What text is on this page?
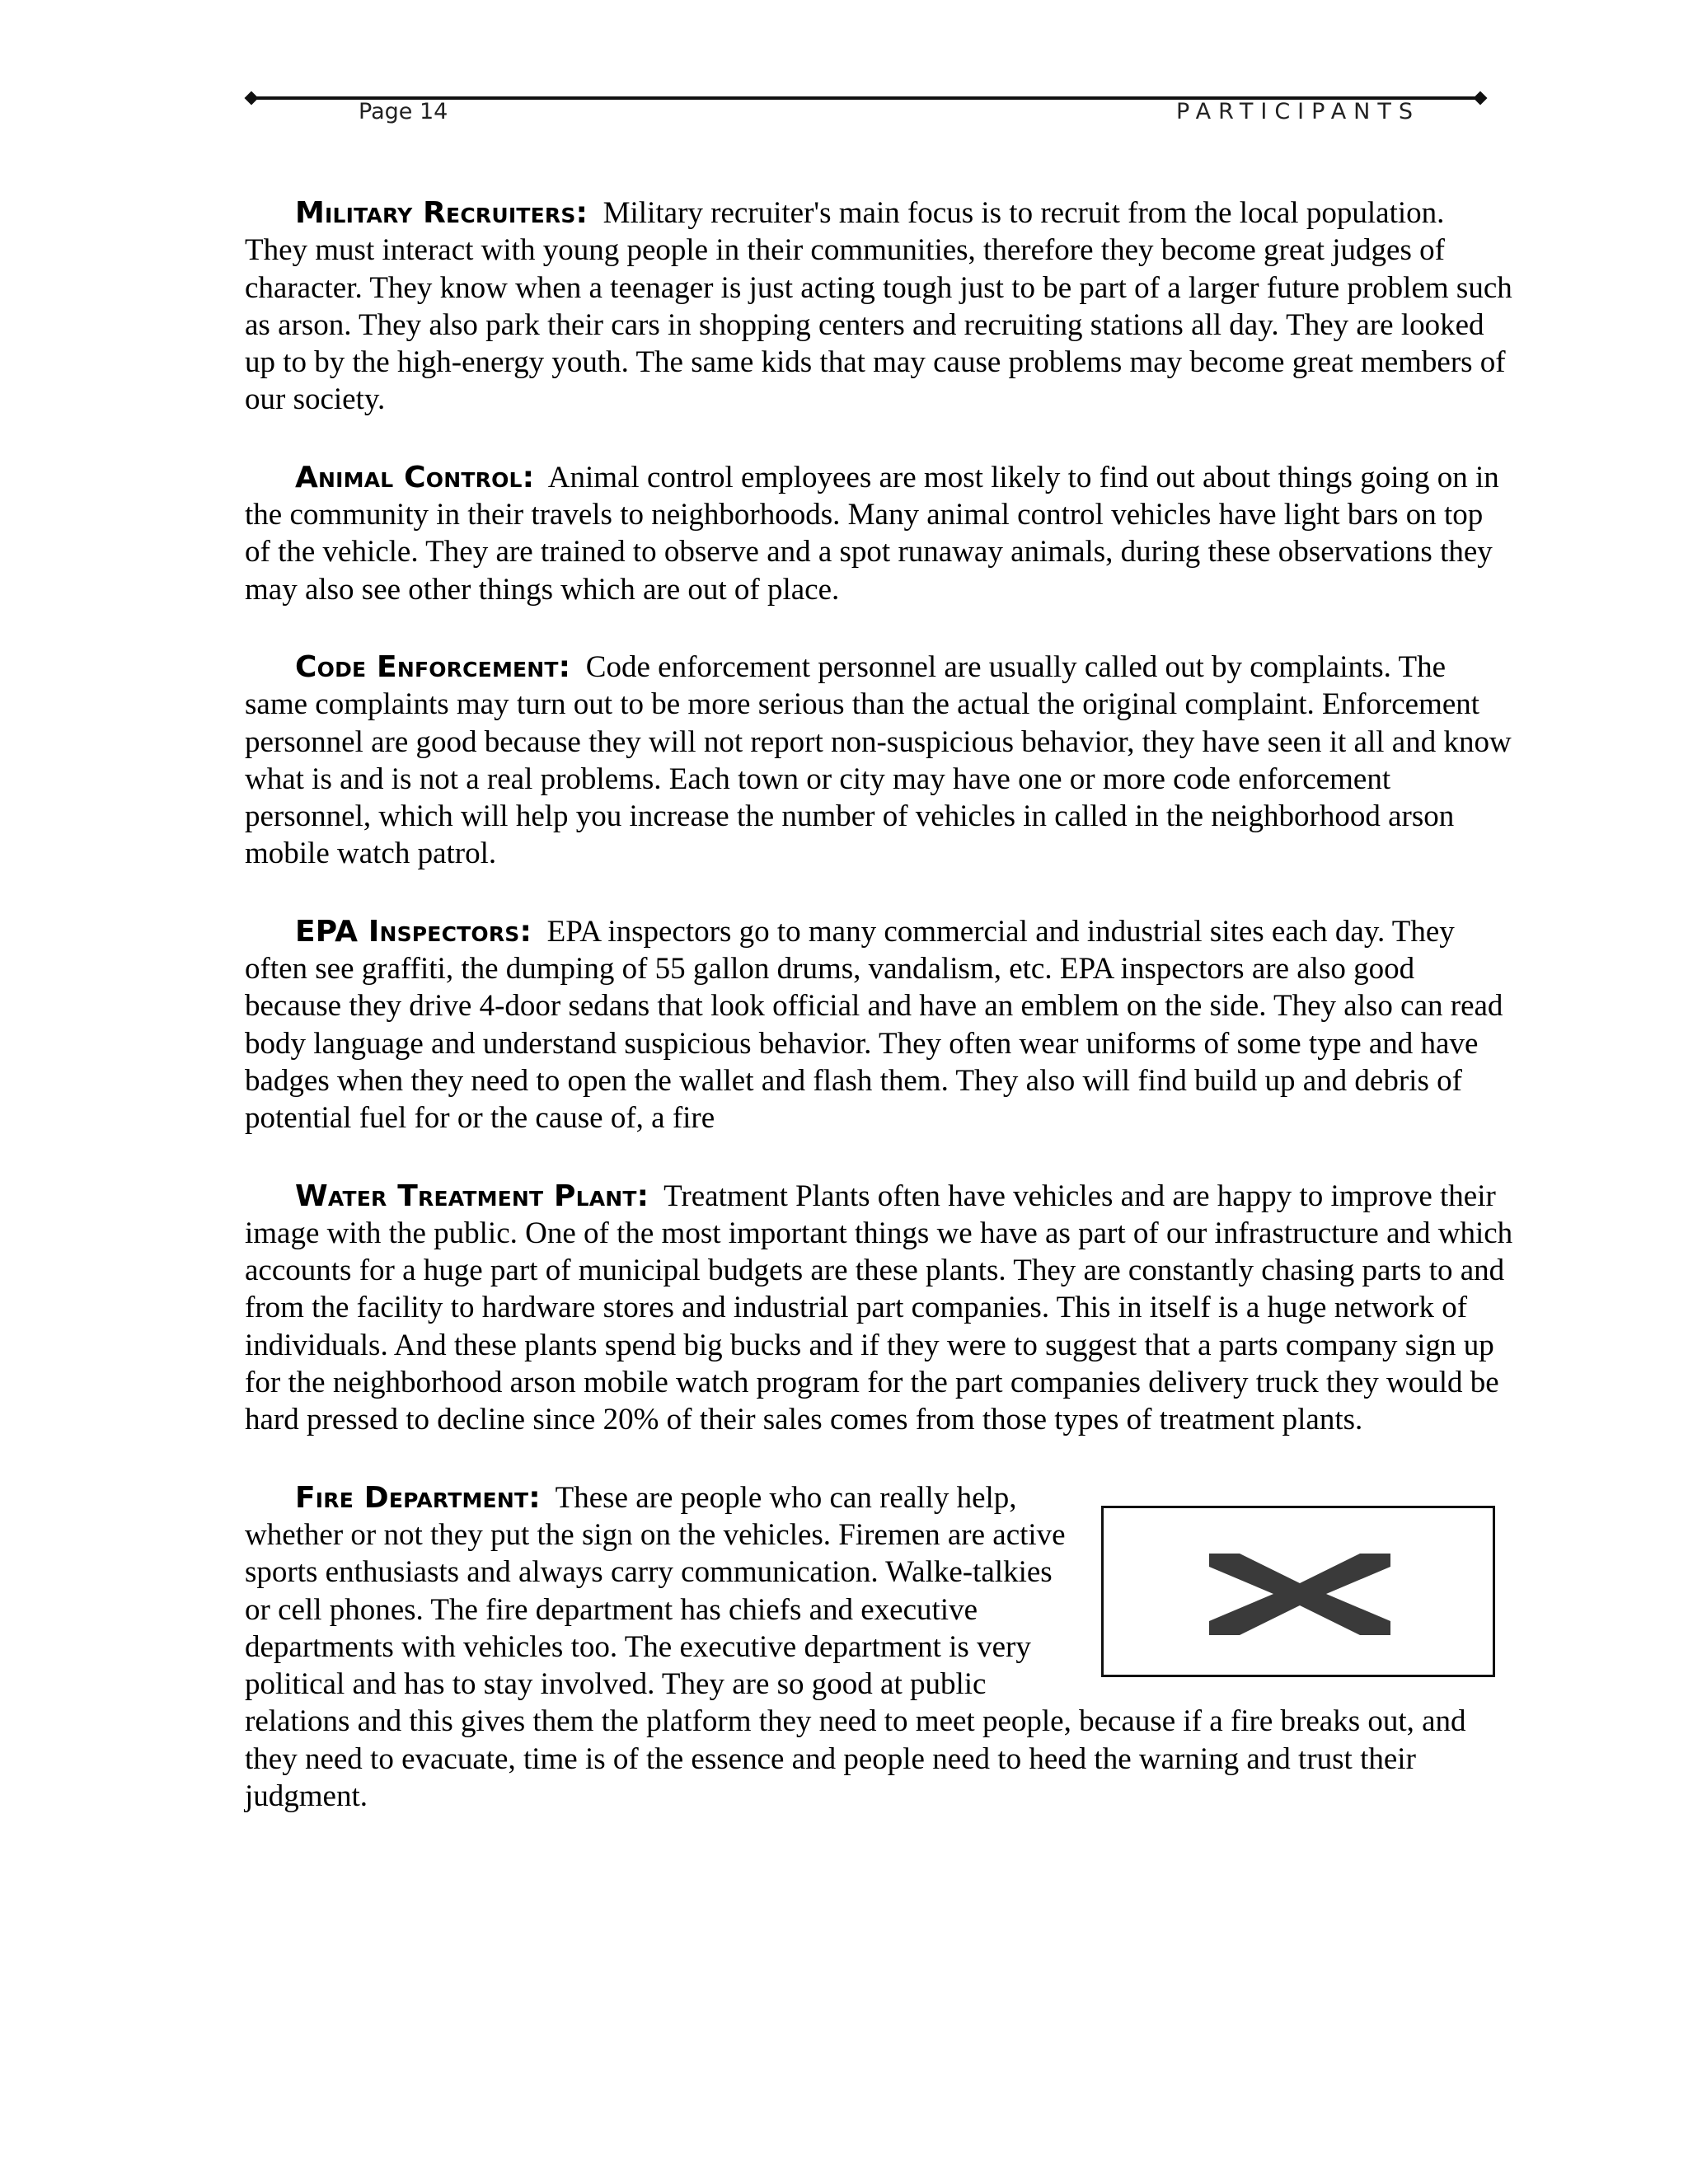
Page 14	PARTICIPANTS

Military Recruiters: Military recruiter's main focus is to recruit from the local population. They must interact with young people in their communities, therefore they become great judges of character. They know when a teenager is just acting tough just to be part of a larger future problem such as arson. They also park their cars in shopping centers and recruiting stations all day. They are looked up to by the high-energy youth. The same kids that may cause problems may become great members of our society.

Animal Control: Animal control employees are most likely to find out about things going on in the community in their travels to neighborhoods. Many animal control vehicles have light bars on top of the vehicle. They are trained to observe and a spot runaway animals, during these observations they may also see other things which are out of place.

Code Enforcement: Code enforcement personnel are usually called out by complaints. The same complaints may turn out to be more serious than the actual the original complaint. Enforcement personnel are good because they will not report non-suspicious behavior, they have seen it all and know what is and is not a real problems. Each town or city may have one or more code enforcement personnel, which will help you increase the number of vehicles in called in the neighborhood arson mobile watch patrol.

EPA Inspectors: EPA inspectors go to many commercial and industrial sites each day. They often see graffiti, the dumping of 55 gallon drums, vandalism, etc. EPA inspectors are also good because they drive 4-door sedans that look official and have an emblem on the side. They also can read body language and understand suspicious behavior. They often wear uniforms of some type and have badges when they need to open the wallet and flash them. They also will find build up and debris of potential fuel for or the cause of, a fire

Water Treatment Plant: Treatment Plants often have vehicles and are happy to improve their image with the public. One of the most important things we have as part of our infrastructure and which accounts for a huge part of municipal budgets are these plants. They are constantly chasing parts to and from the facility to hardware stores and industrial part companies. This in itself is a huge network of individuals. And these plants spend big bucks and if they were to suggest that a parts company sign up for the neighborhood arson mobile watch program for the part companies delivery truck they would be hard pressed to decline since 20% of their sales comes from those types of treatment plants.

Fire Department: These are people who can really help, whether or not they put the sign on the vehicles. Firemen are active sports enthusiasts and always carry communication. Walke-talkies or cell phones. The fire department has chiefs and executive departments with vehicles too. The executive department is very political and has to stay involved. They are so good at public relations and this gives them the platform they need to meet people, because if a fire breaks out, and they need to evacuate, time is of the essence and people need to heed the warning and trust their judgment.
